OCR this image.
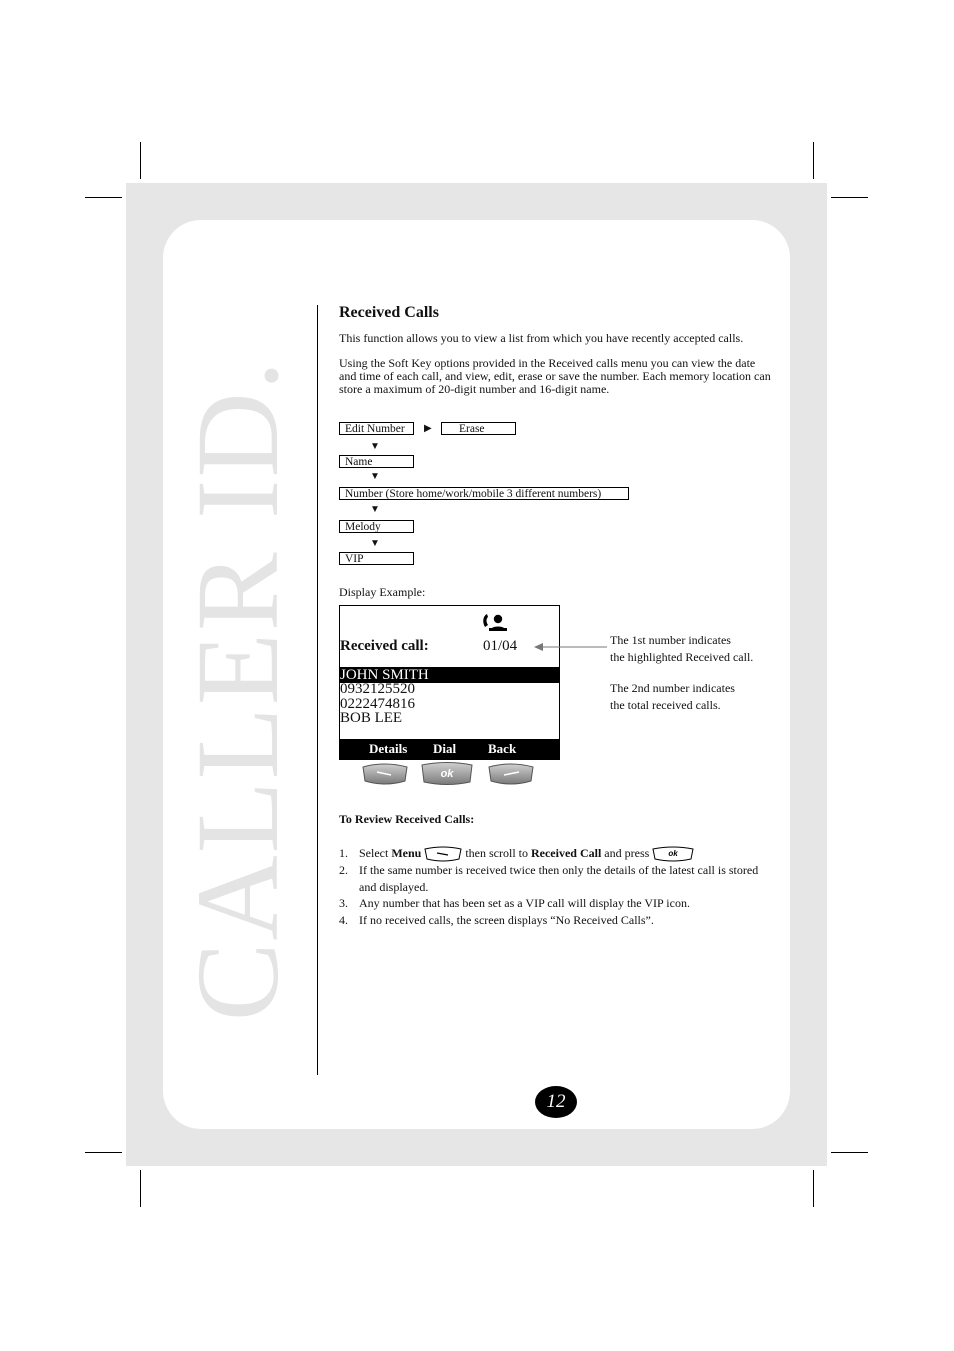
CALLER ID.
Received Calls

This function allows you to view a list from which you have recently accepted calls.

Using the Soft Key options provided in the Received calls menu you can view the date and time of each call, and view, edit, erase or save the number. Each memory location can store a maximum of 20-digit number and 16-digit name.

Edit Number	▶	Erase
▼
Name
▼
Number (Store home/work/mobile 3 different numbers)
▼
Melody
▼
VIP

Display Example:

Received call:	01/04
JOHN SMITH
0932125520
0222474816
BOB LEE
Details Dial Back
ok
The 1st number indicates
the highlighted Received call.
The 2nd number indicates
the total received calls.

To Review Received Calls:

1. Select Menu	then scroll to Received Call and press ok
2. If the same number is received twice then only the details of the latest call is stored and displayed.
3. Any number that has been set as a VIP call will display the VIP icon.
4. If no received calls, the screen displays “No Received Calls”.
12
